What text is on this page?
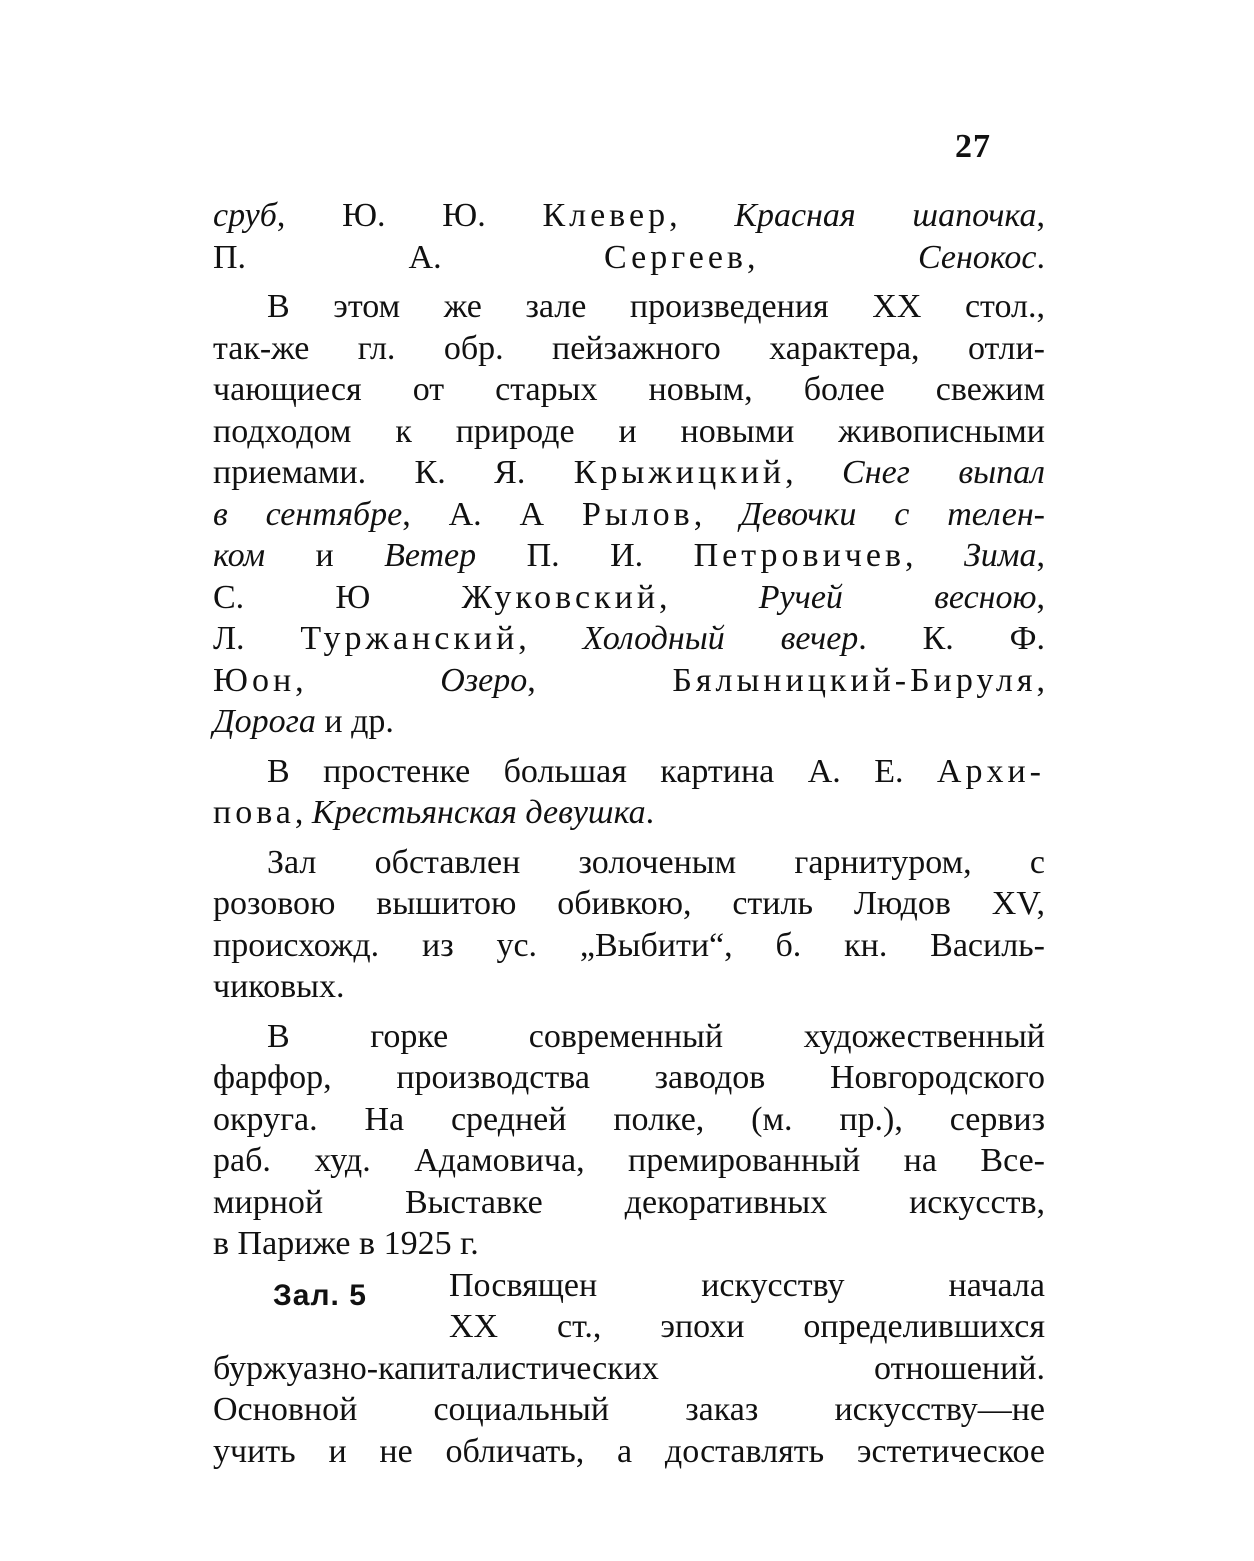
27
сруб, Ю. Ю. Клевер, Красная шапочка,
П. А. Сергеев, Сенокос.
В этом же зале произведения XX стол.,
так-же гл. обр. пейзажного характера, отли-
чающиеся от старых новым, более свежим
подходом к природе и новыми живописными
приемами. К. Я. Крыжицкий, Снег выпал
в сентябре, А. А Рылов, Девочки с телен-
ком и Ветер П. И. Петровичев, Зима,
С. Ю Жуковский, Ручей весною,
Л. Туржанский, Холодный вечер. К. Ф.
Юон, Озеро, Бялыницкий-Бируля,
Дорога и др.
В простенке большая картина А. Е. Архи-
пова, Крестьянская девушка.
Зал обставлен золоченым гарнитуром, с
розовою вышитою обивкою, стиль Людов XV,
происхожд. из ус. „Выбити“, б. кн. Василь-
чиковых.
В горке современный художественный
фарфор, производства заводов Новгородского
округа. На средней полке, (м. пр.), сервиз
раб. худ. Адамовича, премированный на Все-
мирной Выставке декоративных искусств,
в Париже в 1925 г.
Зал. 5 Посвящен искусству начала
XX ст., эпохи определившихся
буржуазно-капиталистических отношений.
Основной социальный заказ искусству—не
учить и не обличать, а доставлять эстетическое
